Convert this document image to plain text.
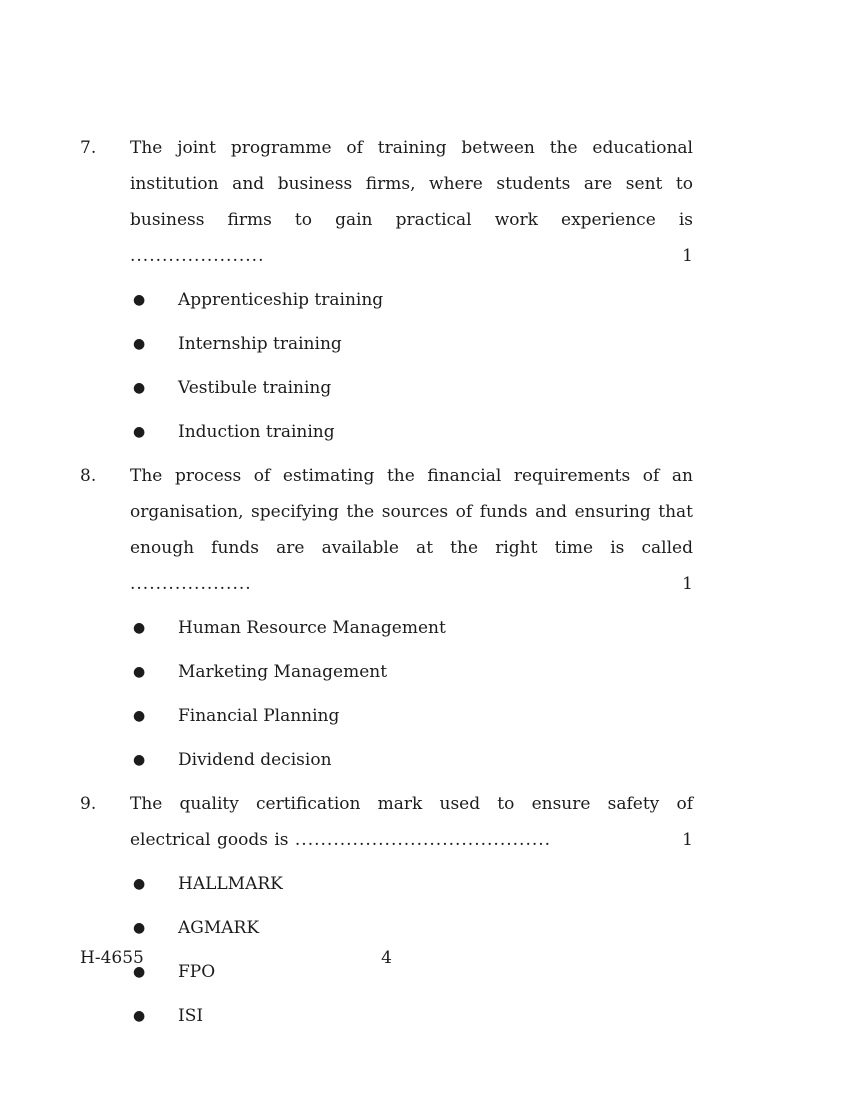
7.	The joint programme of training between the educational institution and business firms, where students are sent to business firms to gain practical work experience is .....................	1
●	Apprenticeship training
●	Internship training
●	Vestibule training
●	Induction training
8.	The process of estimating the financial requirements of an organisation, specifying the sources of funds and ensuring that enough funds are available at the right time is called ...................	1
●	Human Resource Management
●	Marketing Management
●	Financial Planning
●	Dividend decision
9.	The quality certification mark used to ensure safety of electrical goods is ........................................	1
●	HALLMARK
●	AGMARK
●	FPO
●	ISI
H-4655	4
